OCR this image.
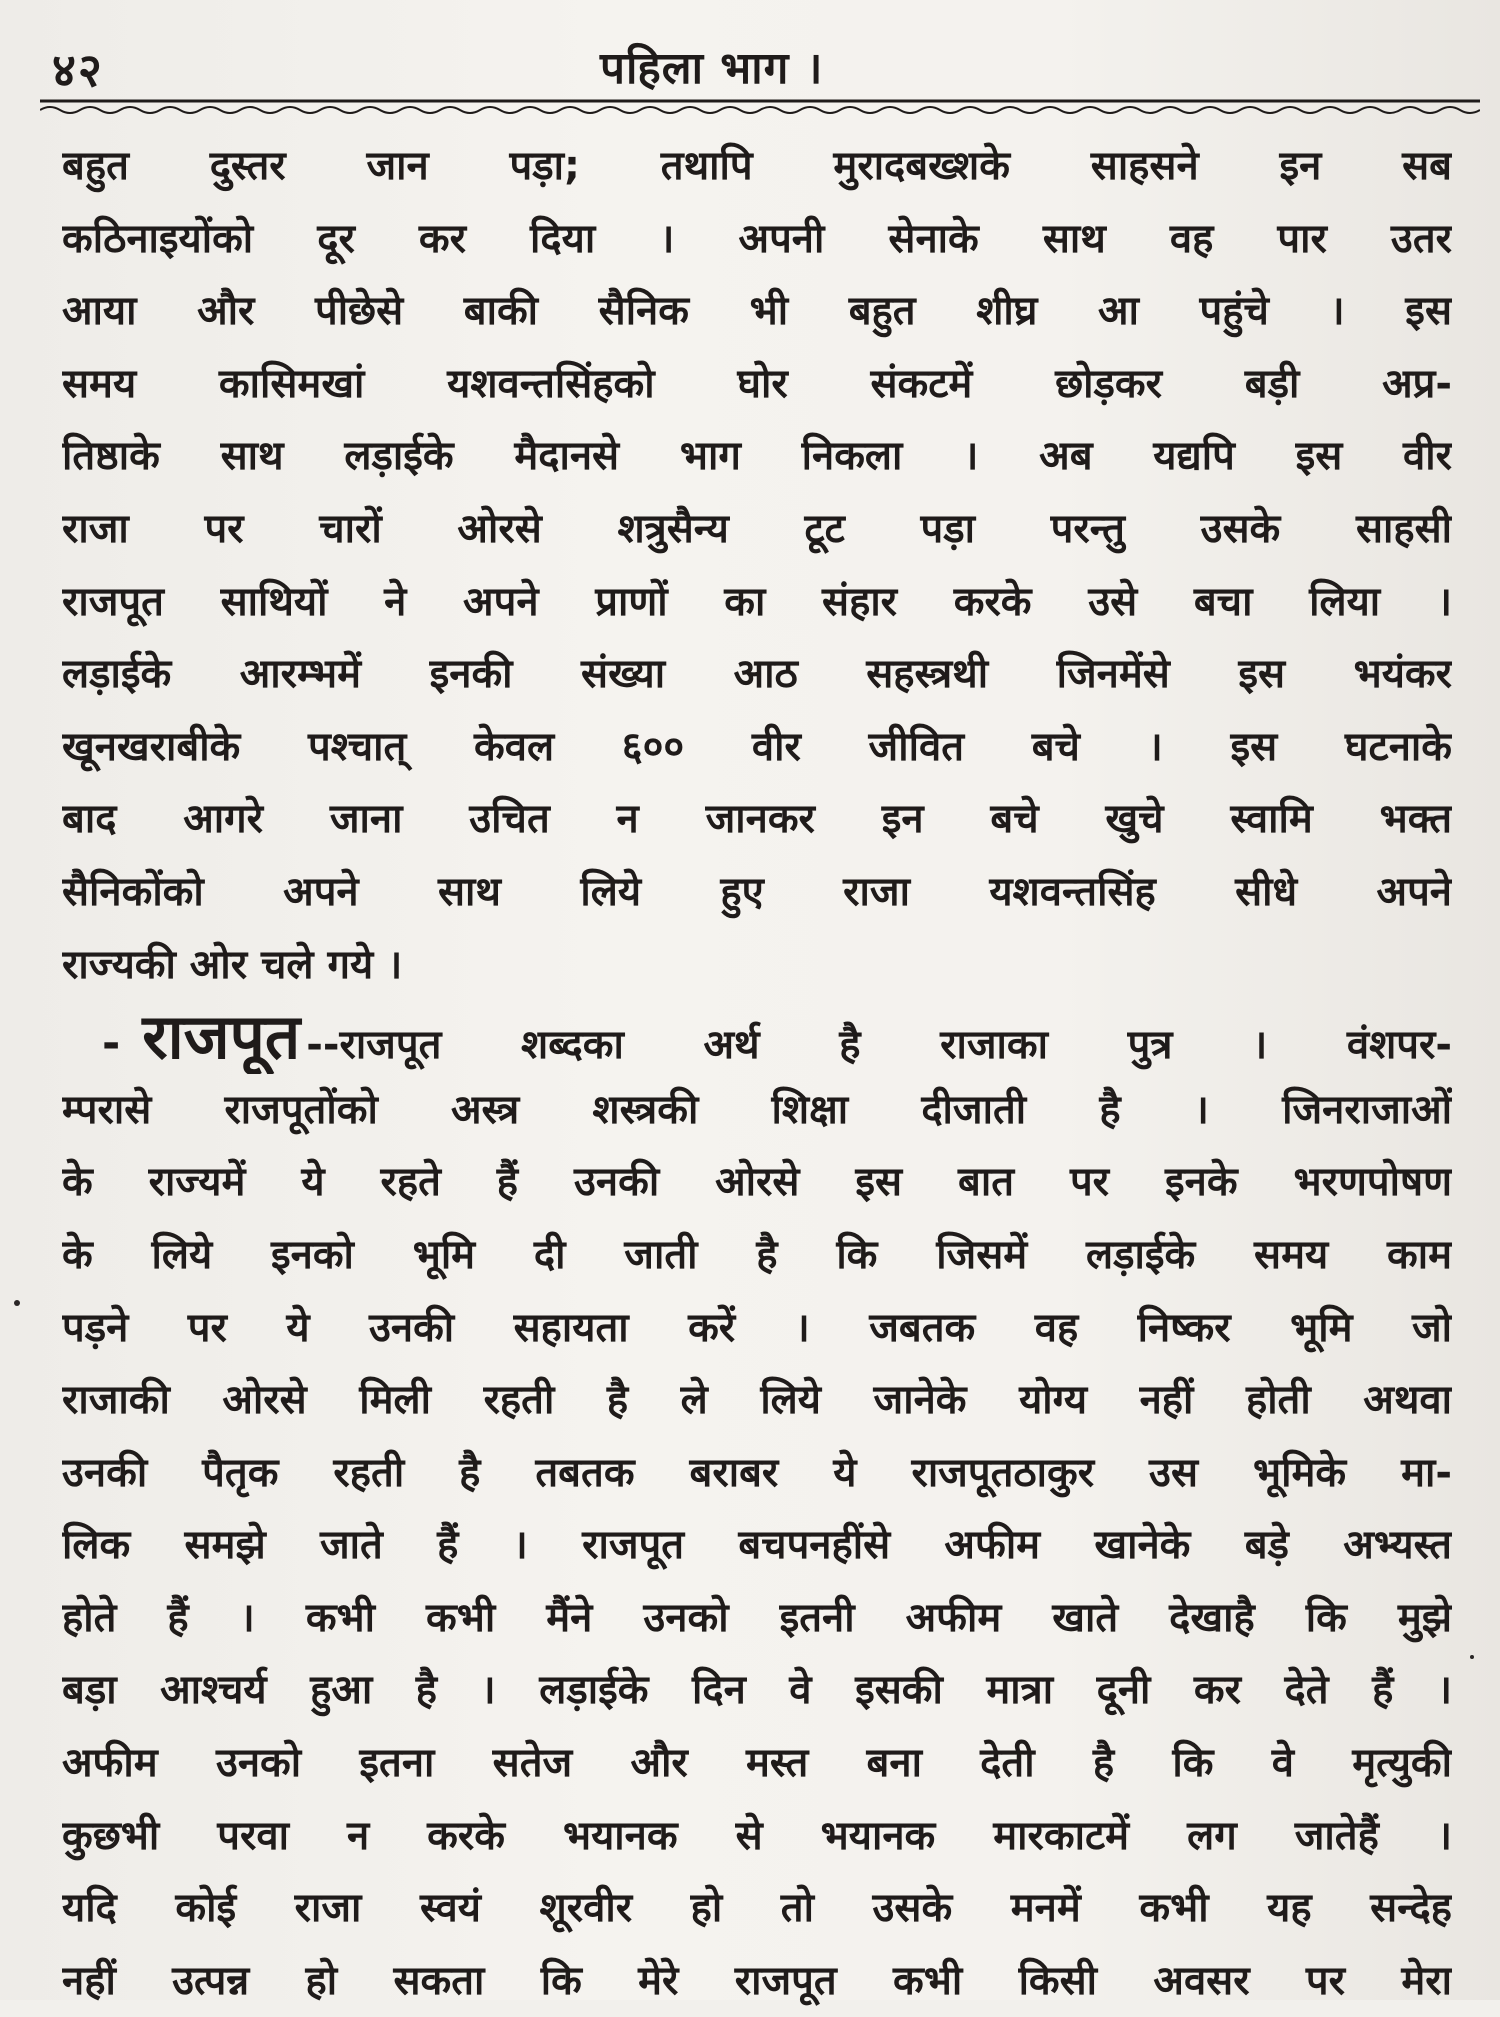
४२	पहिला भाग ।
बहुत दुस्तर जान पड़ा; तथापि मुरादबख्शके साहसने इन सब
कठिनाइयोंको दूर कर दिया । अपनी सेनाके साथ वह पार उतर
आया और पीछेसे बाकी सैनिक भी बहुत शीघ्र आ पहुंचे । इस
समय कासिमखां यशवन्तसिंहको घोर संकटमें छोड़कर बड़ी अप्र-
तिष्ठाके साथ लड़ाईके मैदानसे भाग निकला । अब यद्यपि इस वीर
राजा पर चारों ओरसे शत्रुसैन्य टूट पड़ा परन्तु उसके साहसी
राजपूत साथियों ने अपने प्राणों का संहार करके उसे बचा लिया ।
लड़ाईके आरम्भमें इनकी संख्या आठ सहस्त्रथी जिनमेंसे इस भयंकर
खूनखराबीके पश्चात् केवल ६०० वीर जीवित बचे । इस घटनाके
बाद आगरे जाना उचित न जानकर इन बचे खुचे स्वामि भक्त
सैनिकोंको अपने साथ लिये हुए राजा यशवन्तसिंह सीधे अपने
राज्यकी ओर चले गये ।
- राजपूत --राजपूत शब्दका अर्थ है राजाका पुत्र । वंशपर-
म्परासे राजपूतोंको अस्त्र शस्त्रकी शिक्षा दीजाती है । जिनराजाओं
के राज्यमें ये रहते हैं उनकी ओरसे इस बात पर इनके भरणपोषण
के लिये इनको भूमि दी जाती है कि जिसमें लड़ाईके समय काम
पड़ने पर ये उनकी सहायता करें । जबतक वह निष्कर भूमि जो
राजाकी ओरसे मिली रहती है ले लिये जानेके योग्य नहीं होती अथवा
उनकी पैतृक रहती है तबतक बराबर ये राजपूतठाकुर उस भूमिके मा-
लिक समझे जाते हैं । राजपूत बचपनहींसे अफीम खानेके बड़े अभ्यस्त
होते हैं । कभी कभी मैंने उनको इतनी अफीम खाते देखाहै कि मुझे
बड़ा आश्चर्य हुआ है । लड़ाईके दिन वे इसकी मात्रा दूनी कर देते हैं ।
अफीम उनको इतना सतेज और मस्त बना देती है कि वे मृत्युकी
कुछभी परवा न करके भयानक से भयानक मारकाटमें लग जातेहैं ।
यदि कोई राजा स्वयं शूरवीर हो तो उसके मनमें कभी यह सन्देह
नहीं उत्पन्न हो सकता कि मेरे राजपूत कभी किसी अवसर पर मेरा
